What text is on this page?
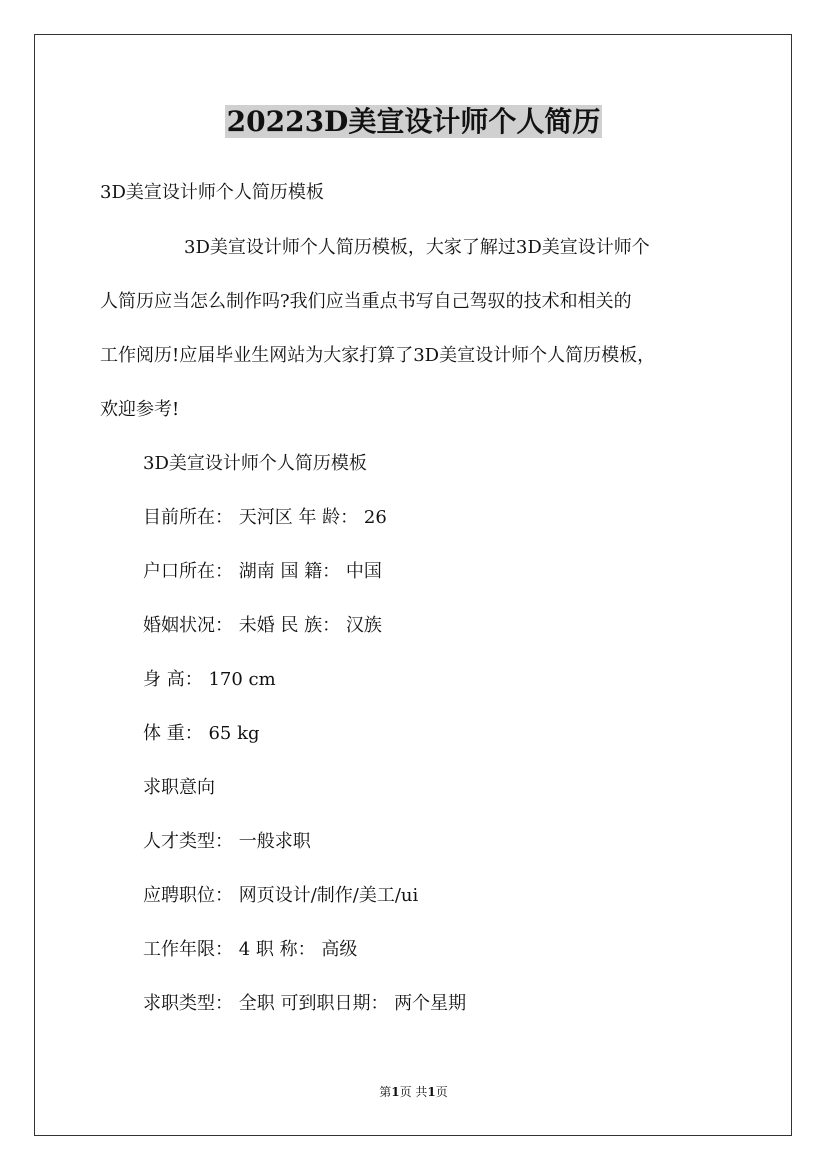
20223D美宣设计师个人简历

3D美宣设计师个人简历模板

3D美宣设计师个人简历模板，大家了解过3D美宣设计师个

人简历应当怎么制作吗?我们应当重点书写自己驾驭的技术和相关的

工作阅历!应届毕业生网站为大家打算了3D美宣设计师个人简历模板，

欢迎参考!

3D美宣设计师个人简历模板

目前所在： 天河区 年 龄： 26

户口所在： 湖南 国 籍： 中国

婚姻状况： 未婚 民 族： 汉族

身 高： 170 cm

体 重： 65 kg

求职意向

人才类型： 一般求职

应聘职位： 网页设计/制作/美工/ui

工作年限： 4 职 称： 高级

求职类型： 全职 可到职日期： 两个星期

第1页 共1页
